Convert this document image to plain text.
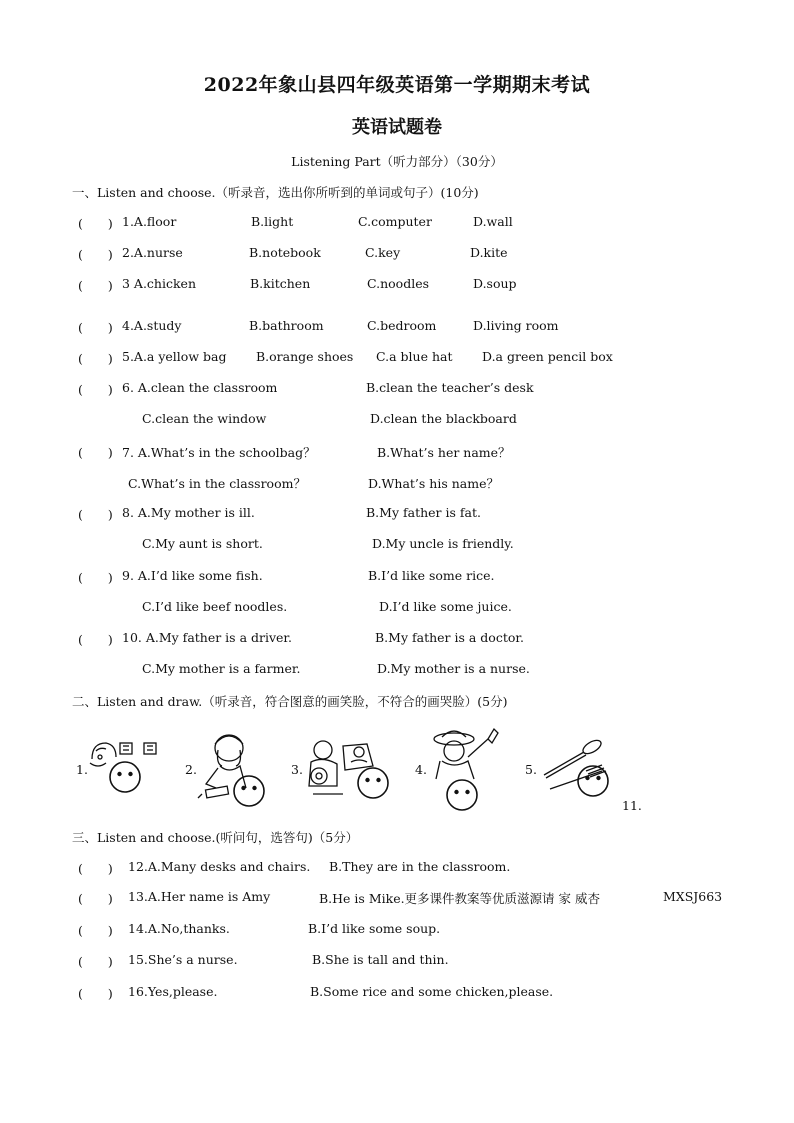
2022年象山县四年级英语第一学期期末考试
英语试题卷
Listening Part（听力部分）（30分）
一、Listen and choose.（听录音，选出你所听到的单词或句子）(10分)
(　　) 1.A.floor	B.light	C.computer	D.wall
(　　) 2.A.nurse	B.notebook	C.key	D.kite
(　　) 3 A.chicken	B.kitchen	C.noodles	D.soup
(　　) 4.A.study	B.bathroom	C.bedroom	D.living room
(　　) 5.A.a yellow bag B.orange shoes C.a blue hat D.a green pencil box
(　　) 6. A.clean the classroom	B.clean the teacher’s desk
C.clean the window	D.clean the blackboard
(　　) 7. A.What’s in the schoolbag？	B.What’s her name？
C.What’s in the classroom？	D.What’s his name？
(　　) 8. A.My mother is ill.	B.My father is fat.
C.My aunt is short.	D.My uncle is friendly.
(　　) 9. A.I’d like some fish.	B.I’d like some rice.
C.I’d like beef noodles.	D.I’d like some juice.
(　　) 10. A.My father is a driver.	B.My father is a doctor.
C.My mother is a farmer.	D.My mother is a nurse.
二、Listen and draw.（听录音，符合图意的画笑脸，不符合的画哭脸）(5分)
1.	2.	3.	4.	5.
11.
三、Listen and choose.(听问句，选答句)（5分）
(　　) 12.A.Many desks and chairs. B.They are in the classroom.
(　　) 13.A.Her name is Amy	B.He is Mike.更多课件教案等优质滋源请 家 威杏	MXSJ663
(　　) 14.A.No,thanks.	B.I’d like some soup.
(　　) 15.She’s a nurse.	B.She is tall and thin.
(　　) 16.Yes,please.	B.Some rice and some chicken,please.
